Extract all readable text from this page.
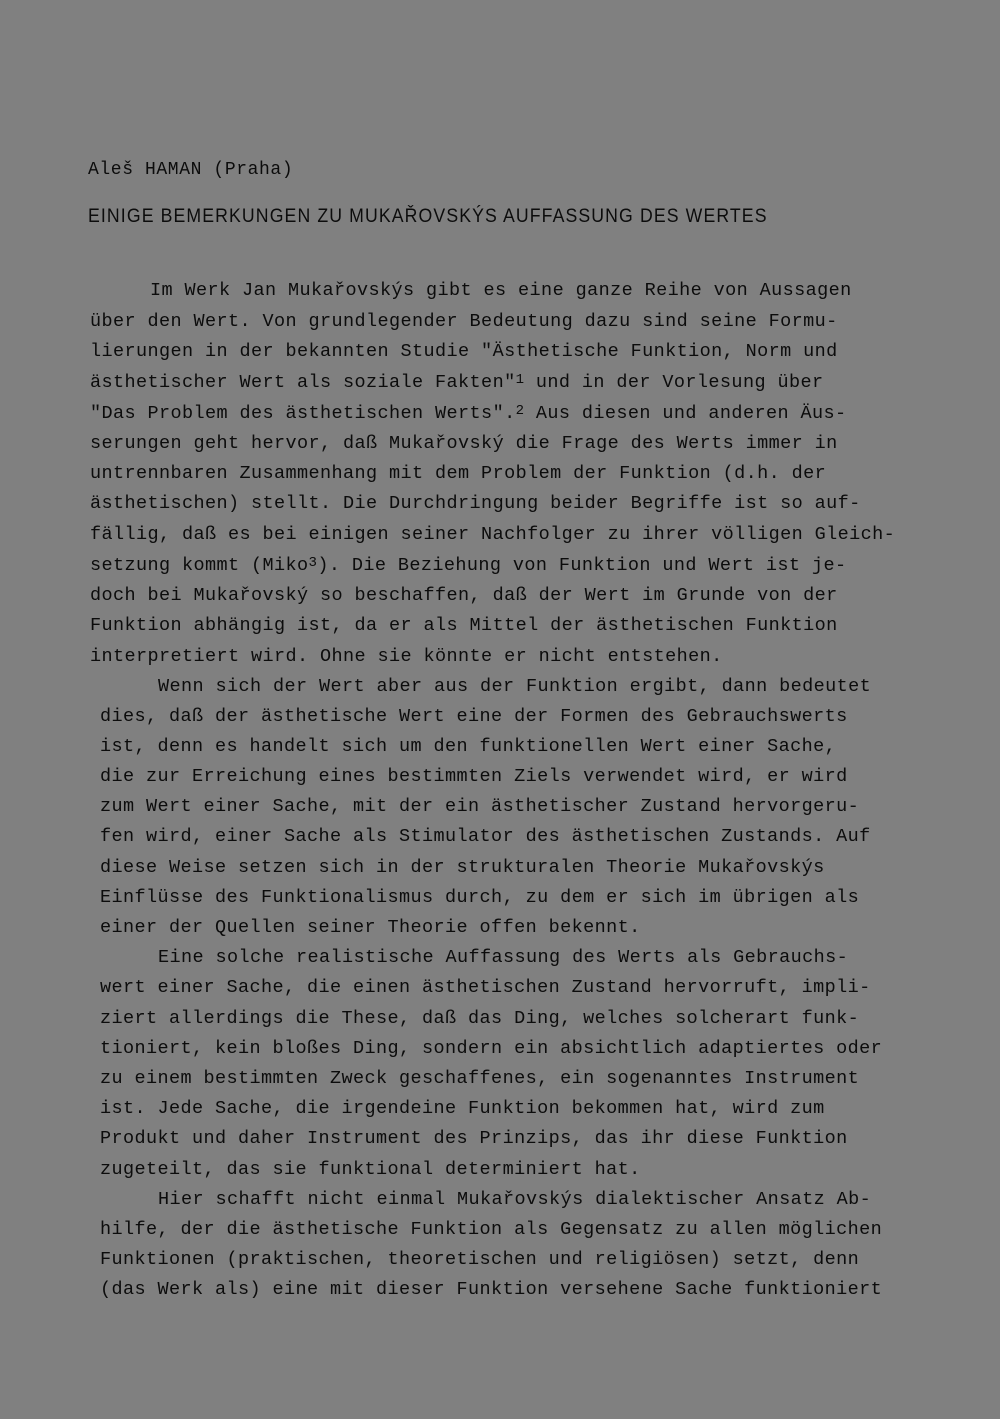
Aleš HAMAN (Praha)
EINIGE BEMERKUNGEN ZU MUKAŘOVSKÝS AUFFASSUNG DES WERTES
Im Werk Jan Mukařovskýs gibt es eine ganze Reihe von Aussagen
über den Wert. Von grundlegender Bedeutung dazu sind seine Formu-
lierungen in der bekannten Studie "Ästhetische Funktion, Norm und
ästhetischer Wert als soziale Fakten"$^1$ und in der Vorlesung über
"Das Problem des ästhetischen Werts".$^2$ Aus diesen und anderen Äus-
serungen geht hervor, daß Mukařovský die Frage des Werts immer in
untrennbaren Zusammenhang mit dem Problem der Funktion (d.h. der
ästhetischen) stellt. Die Durchdringung beider Begriffe ist so auf-
fällig, daß es bei einigen seiner Nachfolger zu ihrer völligen Gleich-
setzung kommt (Miko$^3$). Die Beziehung von Funktion und Wert ist je-
doch bei Mukařovský so beschaffen, daß der Wert im Grunde von der
Funktion abhängig ist, da er als Mittel der ästhetischen Funktion
interpretiert wird. Ohne sie könnte er nicht entstehen.
Wenn sich der Wert aber aus der Funktion ergibt, dann bedeutet
dies, daß der ästhetische Wert eine der Formen des Gebrauchswerts
ist, denn es handelt sich um den funktionellen Wert einer Sache,
die zur Erreichung eines bestimmten Ziels verwendet wird, er wird
zum Wert einer Sache, mit der ein ästhetischer Zustand hervorgeru-
fen wird, einer Sache als Stimulator des ästhetischen Zustands. Auf
diese Weise setzen sich in der strukturalen Theorie Mukařovskýs
Einflüsse des Funktionalismus durch, zu dem er sich im übrigen als
einer der Quellen seiner Theorie offen bekennt.
Eine solche realistische Auffassung des Werts als Gebrauchs-
wert einer Sache, die einen ästhetischen Zustand hervorruft, impli-
ziert allerdings die These, daß das Ding, welches solcherart funk-
tioniert, kein bloßes Ding, sondern ein absichtlich adaptiertes oder
zu einem bestimmten Zweck geschaffenes, ein sogenanntes Instrument
ist. Jede Sache, die irgendeine Funktion bekommen hat, wird zum
Produkt und daher Instrument des Prinzips, das ihr diese Funktion
zugeteilt, das sie funktional determiniert hat.
Hier schafft nicht einmal Mukařovskýs dialektischer Ansatz Ab-
hilfe, der die ästhetische Funktion als Gegensatz zu allen möglichen
Funktionen (praktischen, theoretischen und religiösen) setzt, denn
(das Werk als) eine mit dieser Funktion versehene Sache funktioniert
